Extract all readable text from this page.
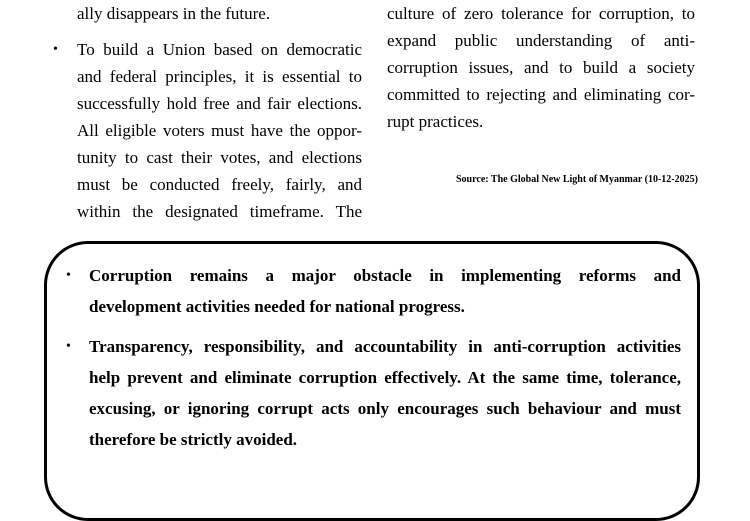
ally disappears in the future.
To build a Union based on democratic
and federal principles, it is essential to
successfully hold free and fair elections.
All eligible voters must have the oppor-
tunity to cast their votes, and elections
must be conducted freely, fairly, and
within the designated timeframe. The
•
culture of zero tolerance for corruption, to
expand public understanding of anti-
corruption issues, and to build a society
committed to rejecting and eliminating cor-
rupt practices.
Source: The Global New Light of Myanmar (10-12-2025)
•
•
Corruption remains a major obstacle in implementing reforms and
development activities needed for national progress.
Transparency, responsibility, and accountability in anti-corruption activities
help prevent and eliminate corruption effectively. At the same time, tolerance,
excusing, or ignoring corrupt acts only encourages such behaviour and must
therefore be strictly avoided.
